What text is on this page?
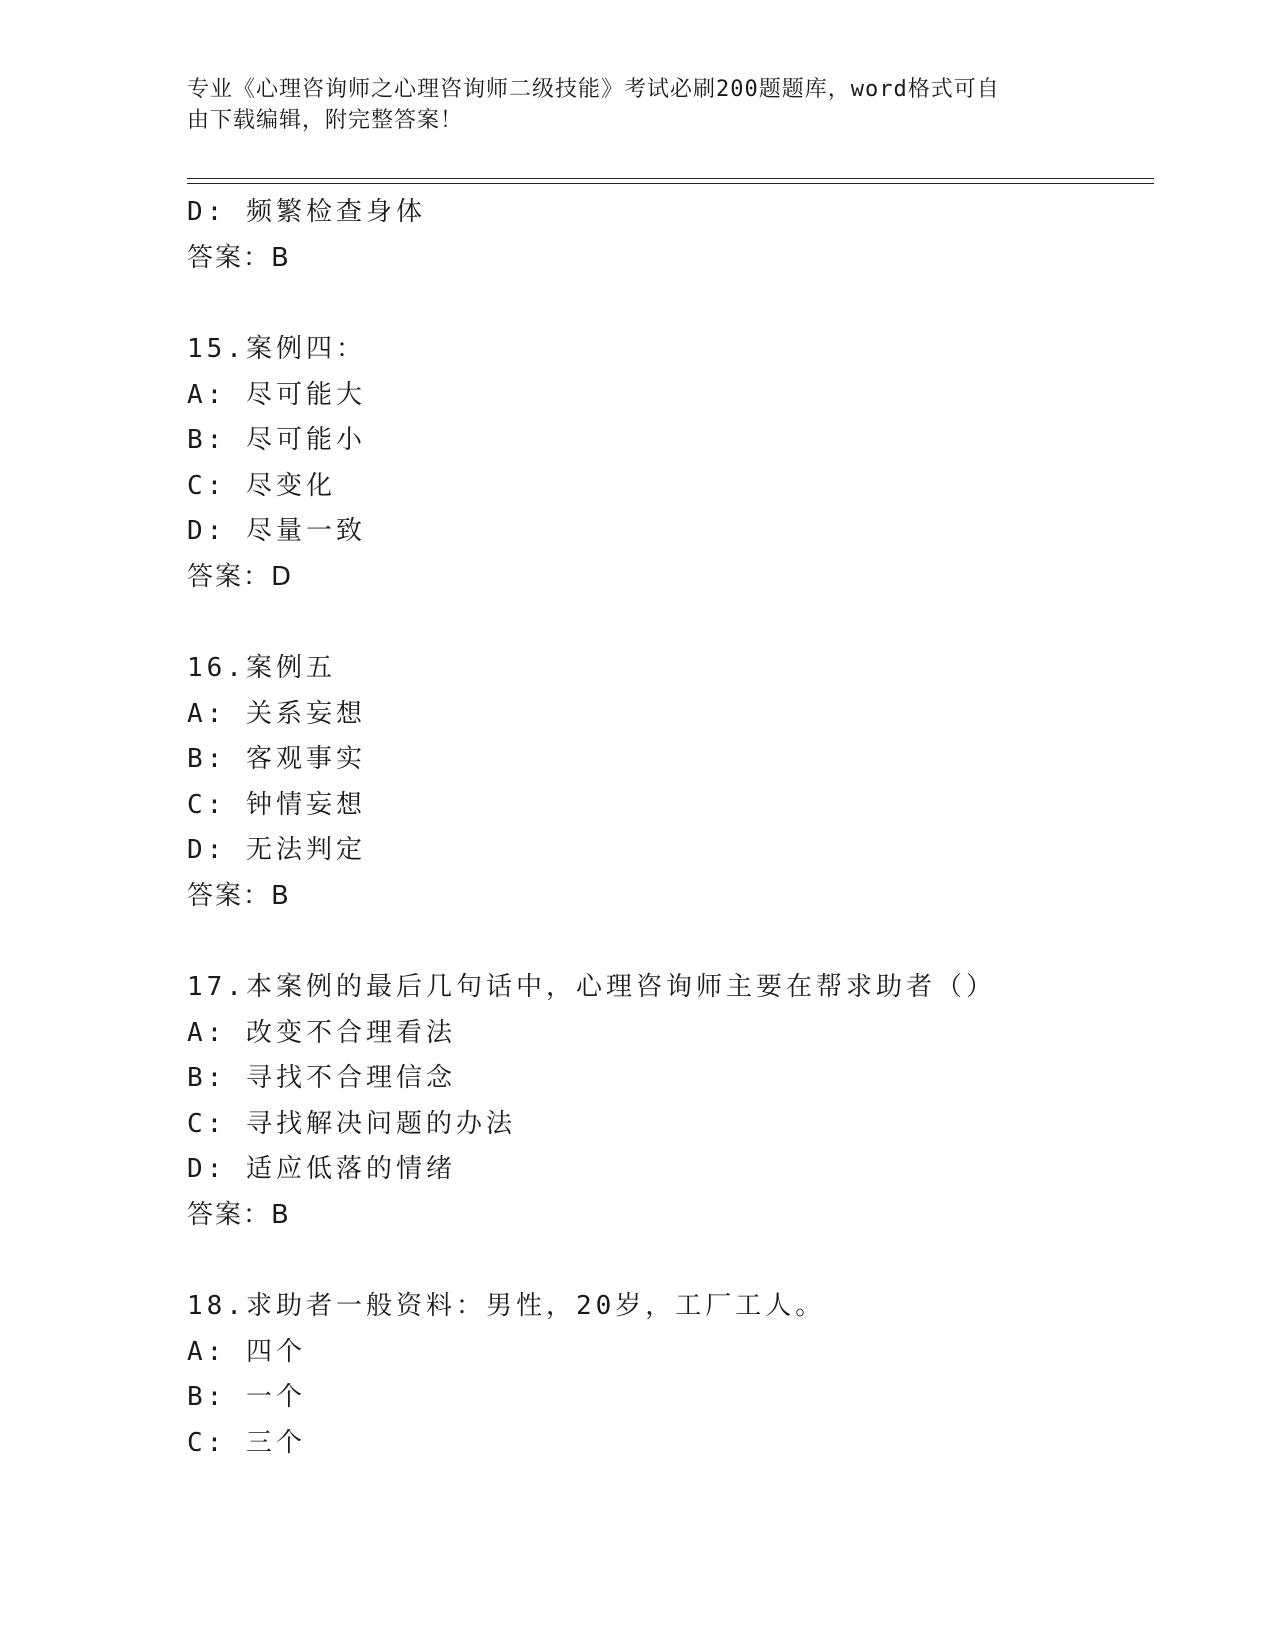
专业《心理咨询师之心理咨询师二级技能》考试必刷200题题库，word格式可自
由下载编辑，附完整答案！
D: 频繁检查身体
答案：B
15.案例四：
A: 尽可能大
B: 尽可能小
C: 尽变化
D: 尽量一致
答案：D
16.案例五
A: 关系妄想
B: 客观事实
C: 钟情妄想
D: 无法判定
答案：B
17.本案例的最后几句话中，心理咨询师主要在帮求助者（）
A: 改变不合理看法
B: 寻找不合理信念
C: 寻找解决问题的办法
D: 适应低落的情绪
答案：B
18.求助者一般资料：男性，20岁，工厂工人。
A: 四个
B: 一个
C: 三个
